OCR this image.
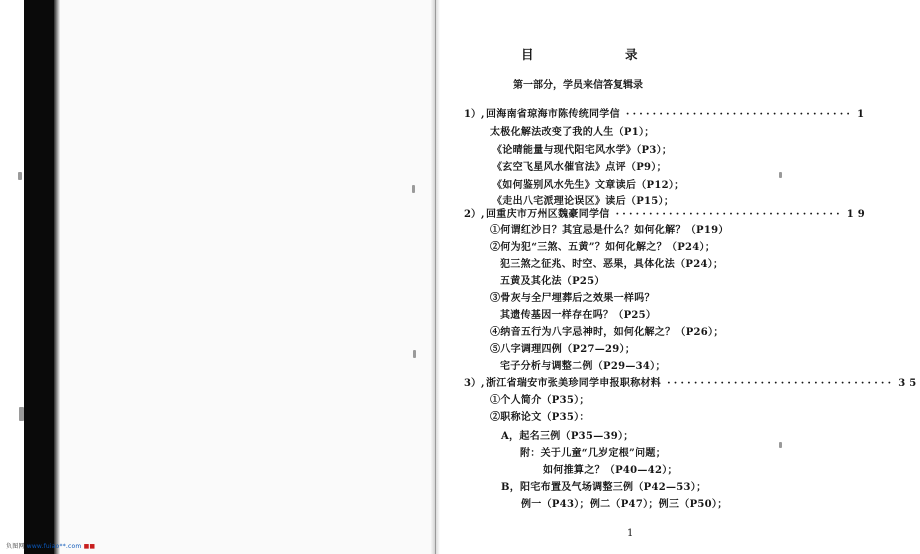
负图网 www.fuiao**.com ■■
目	录
第一部分，学员来信答复辑录
1）, 回海南省琼海市陈传统同学信 ·································· 1
太极化解法改变了我的人生（P1）；
《论晴能量与现代阳宅风水学》（P3）；
《玄空飞星风水催官法》点评（P9）；
《如何鉴别风水先生》文章读后（P12）；
《走出八宅派理论误区》读后（P15）；
2）, 回重庆市万州区魏豪同学信 ·································· 19
①何谓红沙日？其宜忌是什么？如何化解？（P19）
②何为犯“三煞、五黄”？如何化解之？（P24）；
犯三煞之征兆、时空、恶果，具体化法（P24）；
五黄及其化法（P25）
③骨灰与全尸埋葬后之效果一样吗？
其遗传基因一样存在吗？（P25）
④纳音五行为八字忌神时，如何化解之？（P26）；
⑤八字调理四例（P27—29）；
宅子分析与调整二例（P29—34）；
3）, 浙江省瑞安市张美珍同学申报职称材料 ·································· 35
①个人简介（P35）；
②职称论文（P35）：
A，起名三例（P35—39）；
附：关于儿童“几岁定根”问题；
如何推算之？（P40—42）；
B，阳宅布置及气场调整三例（P42—53）；
例一（P43）；例二（P47）；例三（P50）；
1
